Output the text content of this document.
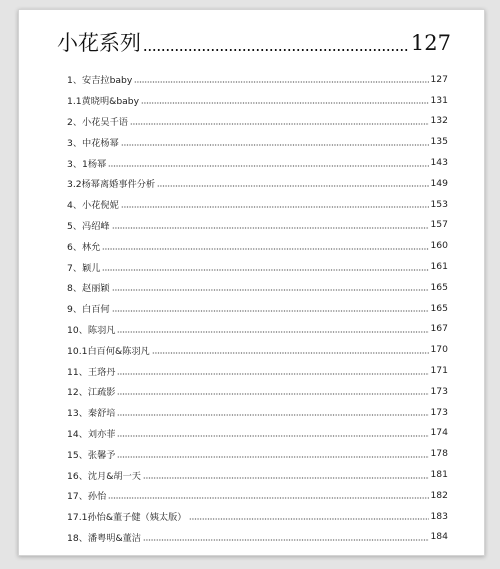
小花系列	127
1、安吉拉baby	127
1.1黄晓明&baby	131
2、小花吴千语	132
3、中花杨幂	135
3、1杨幂	143
3.2杨幂离婚事件分析	149
4、小花倪妮	153
5、冯绍峰	157
6、林允	160
7、颖儿	161
8、赵丽颖	165
9、白百何	165
10、陈羽凡	167
10.1白百何&陈羽凡	170
11、王珞丹	171
12、江疏影	173
13、秦舒培	173
14、刘亦菲	174
15、张馨予	178
16、沈月&胡一天	181
17、孙怡	182
17.1孙怡&董子健（姨太版）	183
18、潘粤明&董洁	184
